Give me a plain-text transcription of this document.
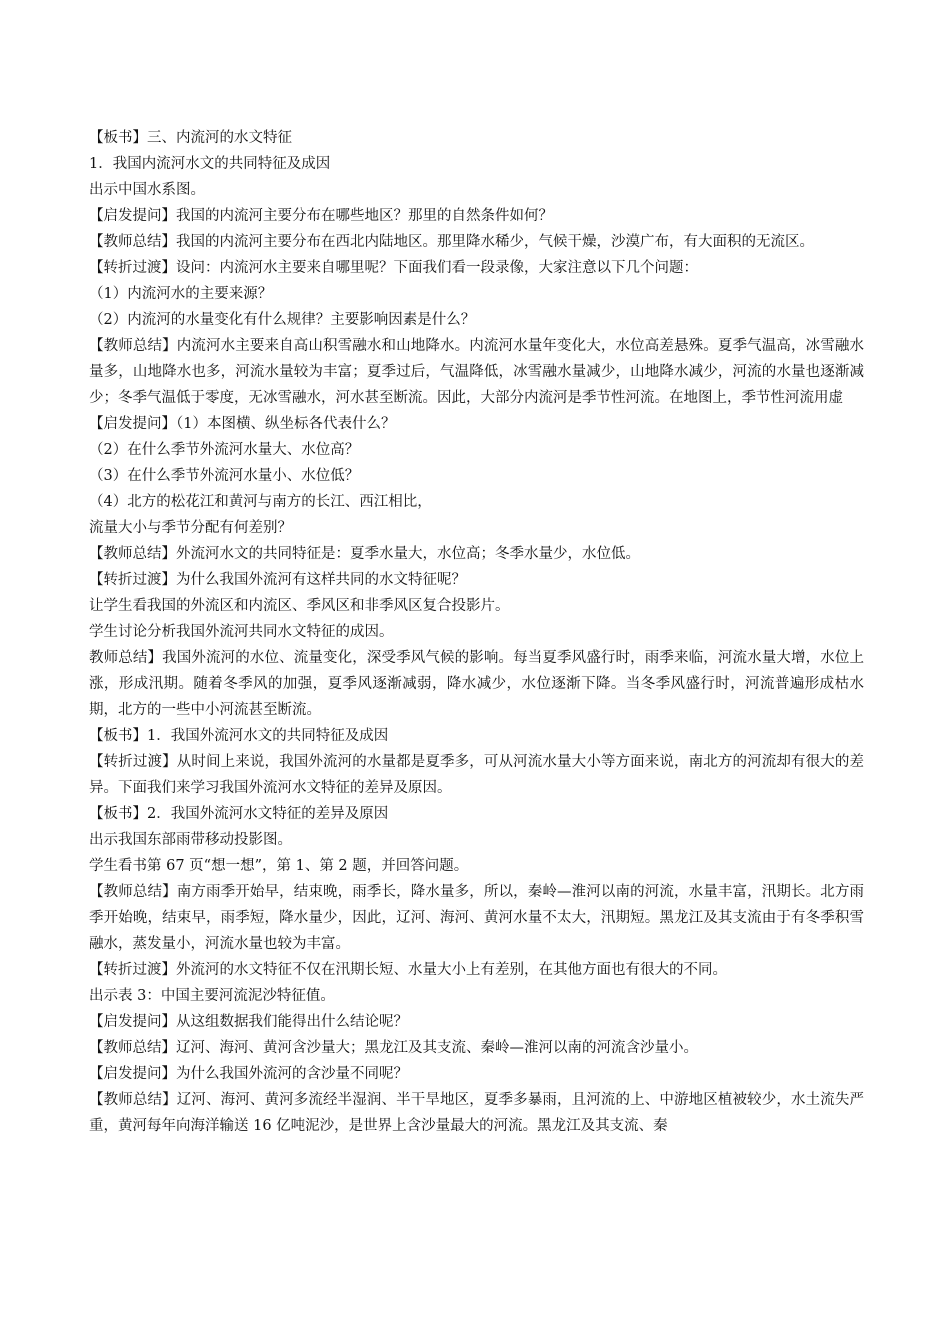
【板书】三、内流河的水文特征

1．我国内流河水文的共同特征及成因

出示中国水系图。

【启发提问】我国的内流河主要分布在哪些地区？那里的自然条件如何？

【教师总结】我国的内流河主要分布在西北内陆地区。那里降水稀少，气候干燥，沙漠广布，有大面积的无流区。

【转折过渡】设问：内流河水主要来自哪里呢？下面我们看一段录像，大家注意以下几个问题：

（1）内流河水的主要来源？

（2）内流河的水量变化有什么规律？主要影响因素是什么？

【教师总结】内流河水主要来自高山积雪融水和山地降水。内流河水量年变化大，水位高差悬殊。夏季气温高，冰雪融水量多，山地降水也多，河流水量较为丰富；夏季过后，气温降低，冰雪融水量减少，山地降水减少，河流的水量也逐渐减少；冬季气温低于零度，无冰雪融水，河水甚至断流。因此，大部分内流河是季节性河流。在地图上，季节性河流用虚

【启发提问】（1）本图横、纵坐标各代表什么？

（2）在什么季节外流河水量大、水位高？

（3）在什么季节外流河水量小、水位低？

（4）北方的松花江和黄河与南方的长江、西江相比，

流量大小与季节分配有何差别？

【教师总结】外流河水文的共同特征是：夏季水量大，水位高；冬季水量少，水位低。

【转折过渡】为什么我国外流河有这样共同的水文特征呢？

让学生看我国的外流区和内流区、季风区和非季风区复合投影片。

学生讨论分析我国外流河共同水文特征的成因。

教师总结】我国外流河的水位、流量变化，深受季风气候的影响。每当夏季风盛行时，雨季来临，河流水量大增，水位上涨，形成汛期。随着冬季风的加强，夏季风逐渐减弱，降水减少，水位逐渐下降。当冬季风盛行时，河流普遍形成枯水期，北方的一些中小河流甚至断流。

【板书】1．我国外流河水文的共同特征及成因

【转折过渡】从时间上来说，我国外流河的水量都是夏季多，可从河流水量大小等方面来说，南北方的河流却有很大的差异。下面我们来学习我国外流河水文特征的差异及原因。

【板书】2．我国外流河水文特征的差异及原因

出示我国东部雨带移动投影图。

学生看书第 67 页“想一想”，第 1、第 2 题，并回答问题。

【教师总结】南方雨季开始早，结束晚，雨季长，降水量多，所以，秦岭—淮河以南的河流，水量丰富，汛期长。北方雨季开始晚，结束早，雨季短，降水量少，因此，辽河、海河、黄河水量不太大，汛期短。黑龙江及其支流由于有冬季积雪融水，蒸发量小，河流水量也较为丰富。

【转折过渡】外流河的水文特征不仅在汛期长短、水量大小上有差别，在其他方面也有很大的不同。

出示表 3：中国主要河流泥沙特征值。

【启发提问】从这组数据我们能得出什么结论呢？

【教师总结】辽河、海河、黄河含沙量大；黑龙江及其支流、秦岭—淮河以南的河流含沙量小。

【启发提问】为什么我国外流河的含沙量不同呢？

【教师总结】辽河、海河、黄河多流经半湿润、半干旱地区，夏季多暴雨，且河流的上、中游地区植被较少，水土流失严重，黄河每年向海洋输送 16 亿吨泥沙，是世界上含沙量最大的河流。黑龙江及其支流、秦
